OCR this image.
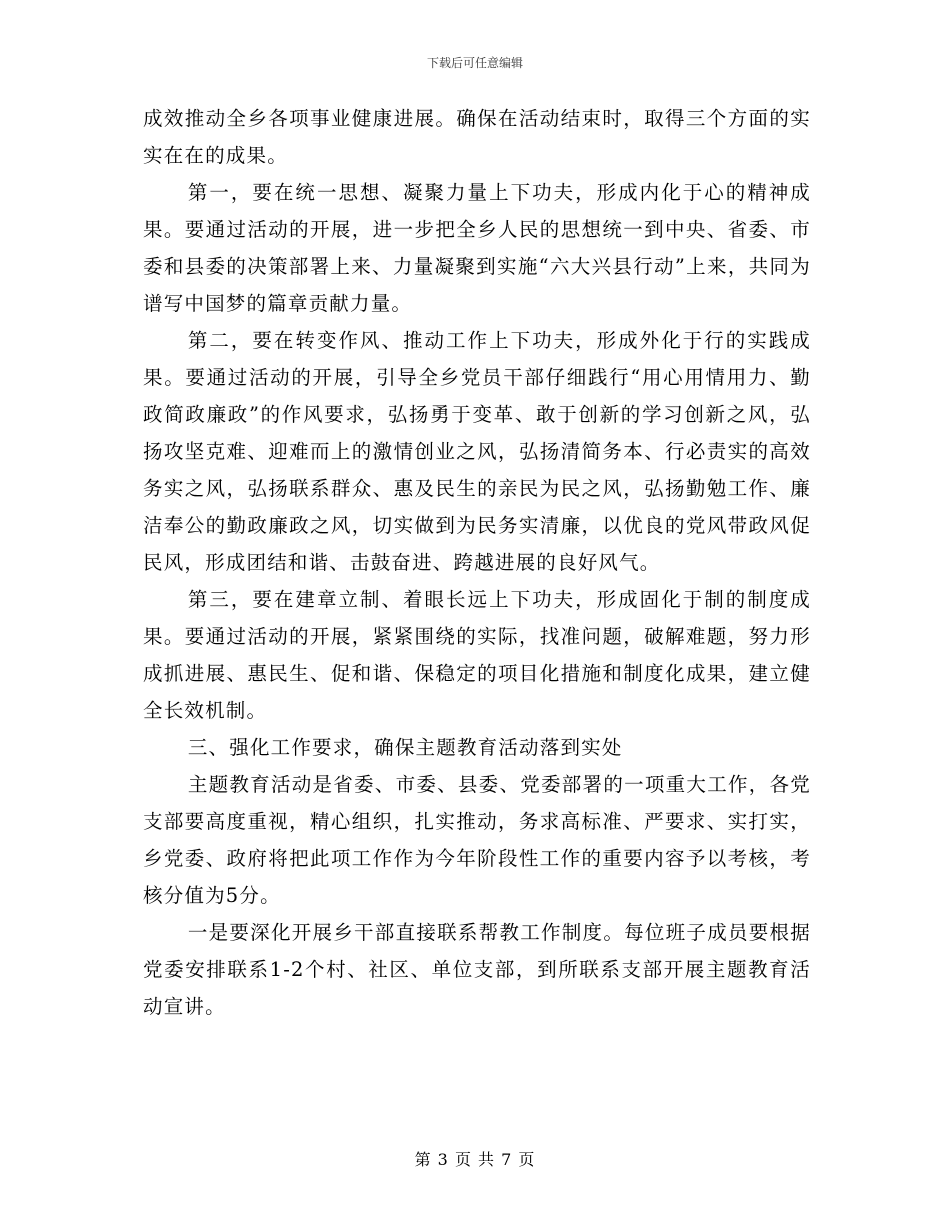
下载后可任意编辑

成效推动全乡各项事业健康进展。确保在活动结束时，取得三个方面的实实在在的成果。

第一，要在统一思想、凝聚力量上下功夫，形成内化于心的精神成果。要通过活动的开展，进一步把全乡人民的思想统一到中央、省委、市委和县委的决策部署上来、力量凝聚到实施“六大兴县行动”上来，共同为谱写中国梦的篇章贡献力量。

第二，要在转变作风、推动工作上下功夫，形成外化于行的实践成果。要通过活动的开展，引导全乡党员干部仔细践行“用心用情用力、勤政简政廉政”的作风要求，弘扬勇于变革、敢于创新的学习创新之风，弘扬攻坚克难、迎难而上的激情创业之风，弘扬清简务本、行必责实的高效务实之风，弘扬联系群众、惠及民生的亲民为民之风，弘扬勤勉工作、廉洁奉公的勤政廉政之风，切实做到为民务实清廉，以优良的党风带政风促民风，形成团结和谐、击鼓奋进、跨越进展的良好风气。

第三，要在建章立制、着眼长远上下功夫，形成固化于制的制度成果。要通过活动的开展，紧紧围绕的实际，找准问题，破解难题，努力形成抓进展、惠民生、促和谐、保稳定的项目化措施和制度化成果，建立健全长效机制。

三、强化工作要求，确保主题教育活动落到实处

主题教育活动是省委、市委、县委、党委部署的一项重大工作，各党支部要高度重视，精心组织，扎实推动，务求高标准、严要求、实打实，乡党委、政府将把此项工作作为今年阶段性工作的重要内容予以考核，考核分值为5分。

一是要深化开展乡干部直接联系帮教工作制度。每位班子成员要根据党委安排联系1-2个村、社区、单位支部，到所联系支部开展主题教育活动宣讲。

第 3 页 共 7 页
